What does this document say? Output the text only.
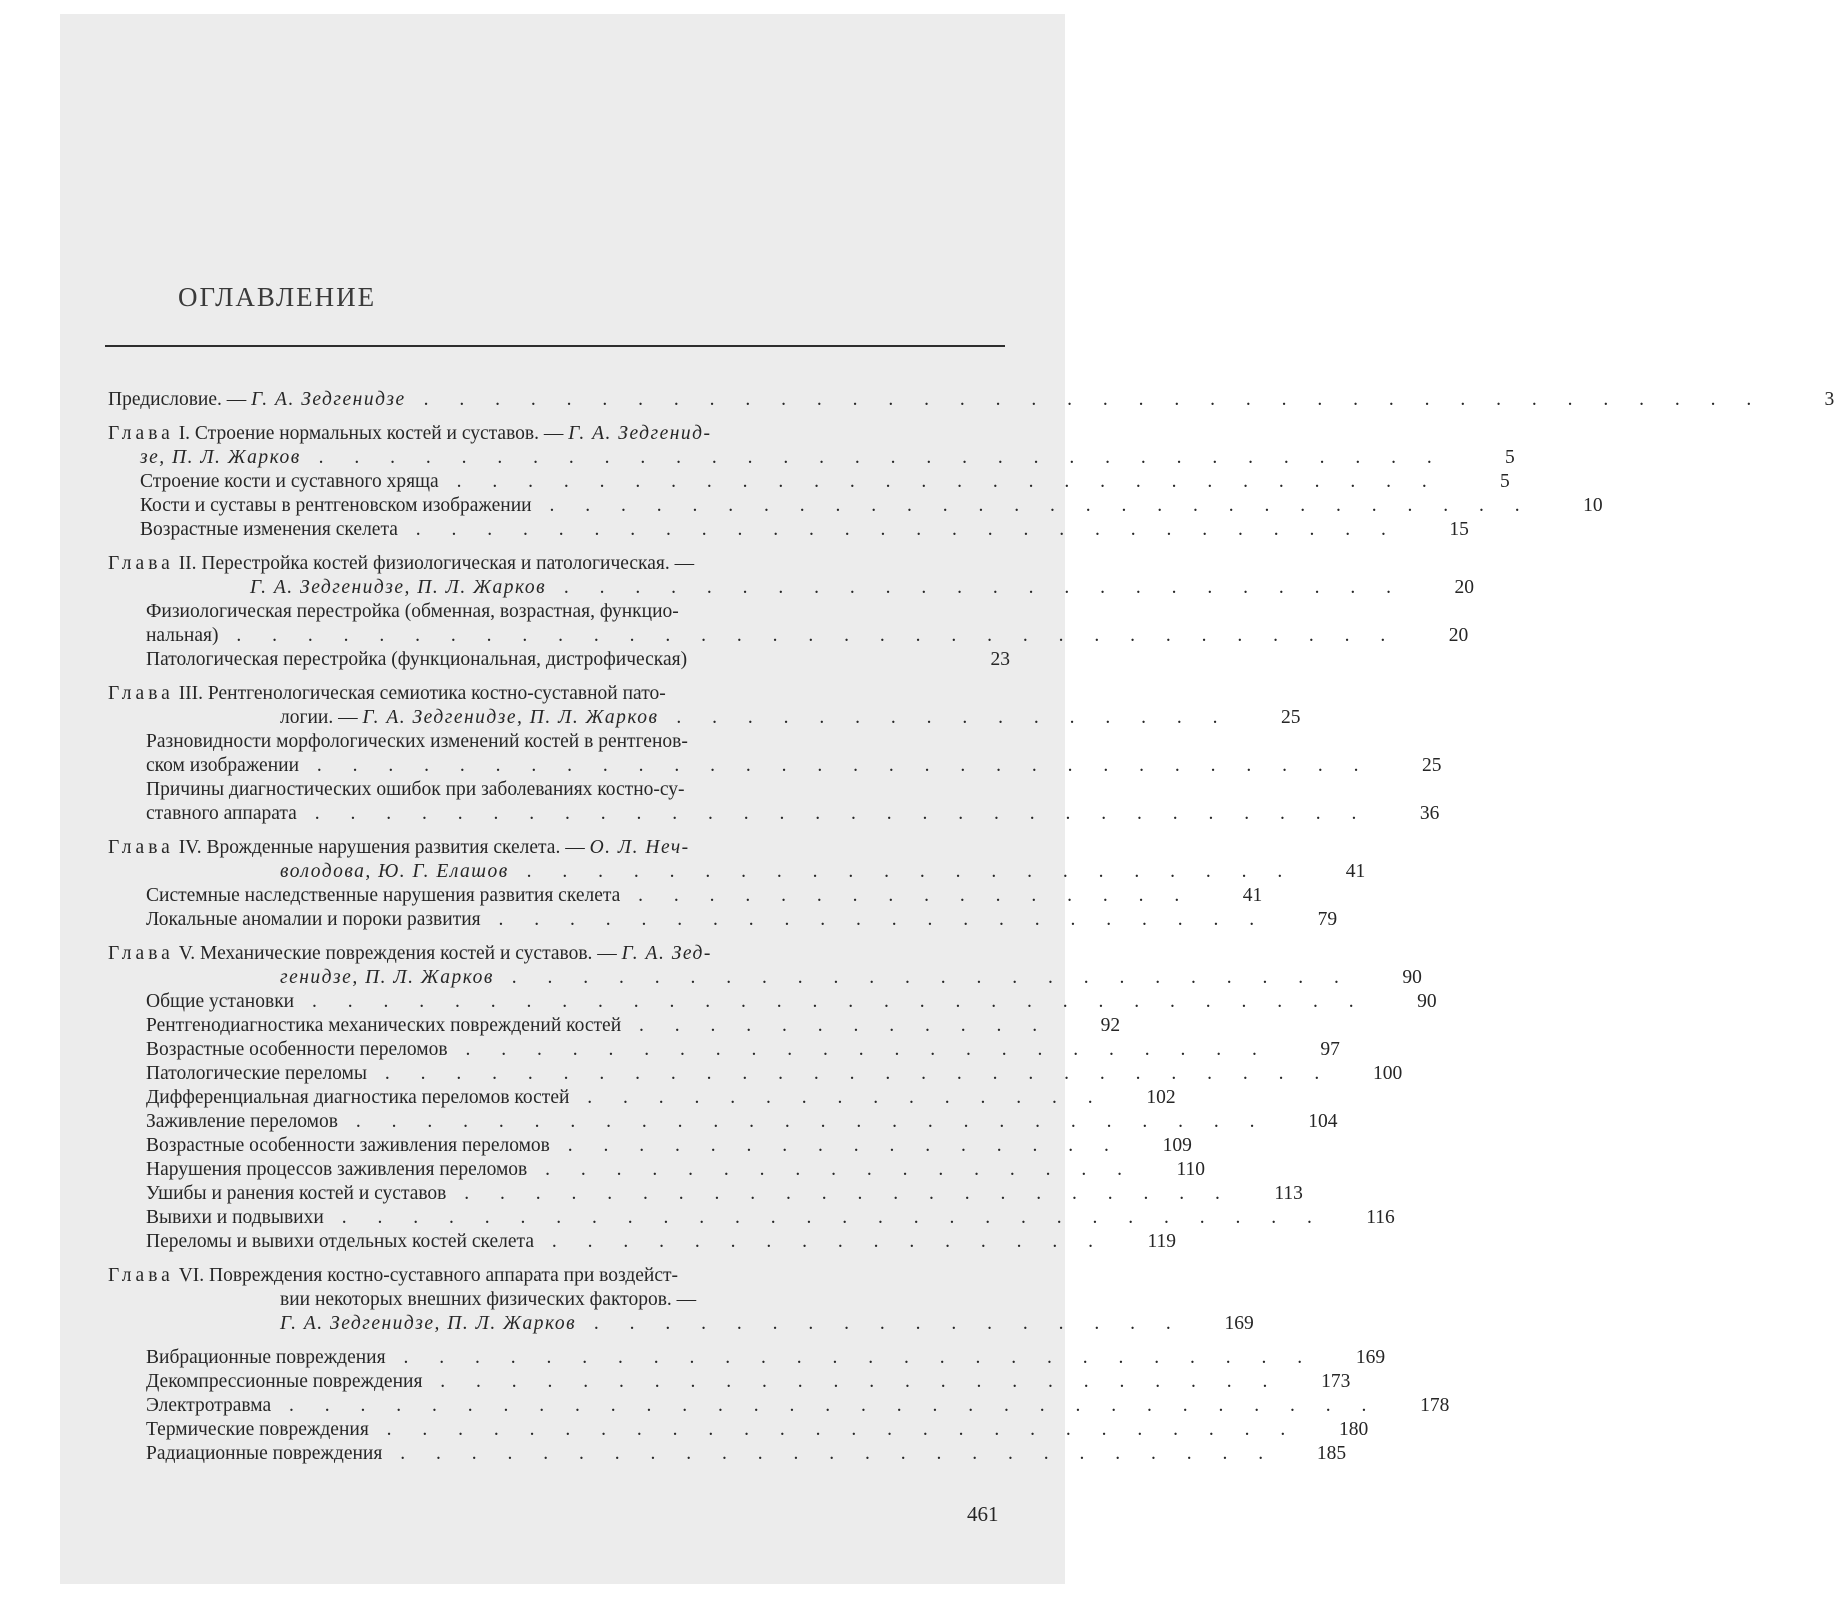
ОГЛАВЛЕНИЕ
Предисловие. — Г. А. Зедгенидзе . . . . . . . . . . . . . . . . . . . . . . . . . . . . . . . . . . . . . .	3
Глава I. Строение нормальных костей и суставов. — Г. А. Зедгенид-
зе, П. Л. Жарков . . . . . . . . . . . . . . . . . . . . . . . . . . . . . . . .	5
Строение кости и суставного хряща . . . . . . . . . . . . . . . . . . . . . . . . . . . .	5
Кости и суставы в рентгеновском изображении . . . . . . . . . . . . . . . . . . . . . . . . . . . .	10
Возрастные изменения скелета . . . . . . . . . . . . . . . . . . . . . . . . . . . .	15
Глава II. Перестройка костей физиологическая и патологическая. —
Г. А. Зедгенидзе, П. Л. Жарков . . . . . . . . . . . . . . . . . . . . . . . .	20
Физиологическая перестройка (обменная, возрастная, функцио-
нальная) . . . . . . . . . . . . . . . . . . . . . . . . . . . . . . . . .	20
Патологическая перестройка (функциональная, дистрофическая)	23
Глава III. Рентгенологическая семиотика костно-суставной пато-
логии. — Г. А. Зедгенидзе, П. Л. Жарков . . . . . . . . . . . . . . . .	25
Разновидности морфологических изменений костей в рентгенов-
ском изображении . . . . . . . . . . . . . . . . . . . . . . . . . . . . . .	25
Причины диагностических ошибок при заболеваниях костно-су-
ставного аппарата . . . . . . . . . . . . . . . . . . . . . . . . . . . . . .	36
Глава IV. Врожденные нарушения развития скелета. — О. Л. Неч-
володова, Ю. Г. Елашов . . . . . . . . . . . . . . . . . . . . . .	41
Системные наследственные нарушения развития скелета . . . . . . . . . . . . . . . .	41
Локальные аномалии и пороки развития . . . . . . . . . . . . . . . . . . . . . .	79
Глава V. Механические повреждения костей и суставов. — Г. А. Зед-
генидзе, П. Л. Жарков . . . . . . . . . . . . . . . . . . . . . . . .	90
Общие установки . . . . . . . . . . . . . . . . . . . . . . . . . . . . . .	90
Рентгенодиагностика механических повреждений костей . . . . . . . . . . . .	92
Возрастные особенности переломов . . . . . . . . . . . . . . . . . . . . . . .	97
Патологические переломы . . . . . . . . . . . . . . . . . . . . . . . . . . .	100
Дифференциальная диагностика переломов костей . . . . . . . . . . . . . . .	102
Заживление переломов . . . . . . . . . . . . . . . . . . . . . . . . . .	104
Возрастные особенности заживления переломов . . . . . . . . . . . . . . . .	109
Нарушения процессов заживления переломов . . . . . . . . . . . . . . . . .	110
Ушибы и ранения костей и суставов . . . . . . . . . . . . . . . . . . . . . .	113
Вывихи и подвывихи . . . . . . . . . . . . . . . . . . . . . . . . . . . .	116
Переломы и вывихи отдельных костей скелета . . . . . . . . . . . . . . . .	119
Глава VI. Повреждения костно-суставного аппарата при воздейст-
вии некоторых внешних физических факторов. —
Г. А. Зедгенидзе, П. Л. Жарков . . . . . . . . . . . . . . . . .	169
Вибрационные повреждения . . . . . . . . . . . . . . . . . . . . . . . . . .	169
Декомпрессионные повреждения . . . . . . . . . . . . . . . . . . . . . . . .	173
Электротравма . . . . . . . . . . . . . . . . . . . . . . . . . . . . . . .	178
Термические повреждения . . . . . . . . . . . . . . . . . . . . . . . . . .	180
Радиационные повреждения . . . . . . . . . . . . . . . . . . . . . . . . .	185
461
